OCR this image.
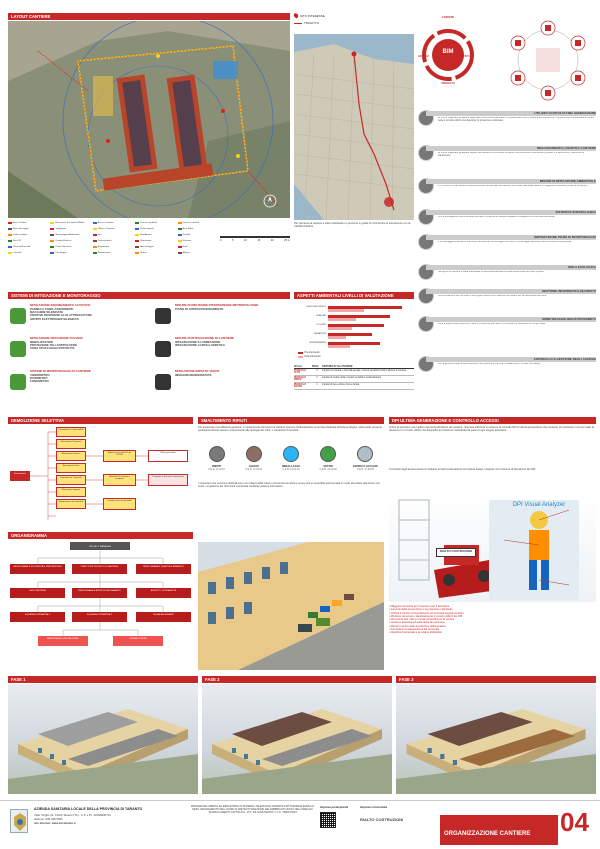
LAYOUT CANTIERE
Area Cantiere	Recinzione di Cantiere Mobile	Accessi cantiere	Percorsi pedonali	Percorsi carrabili
Area stoccaggio	Spogliatoio	Ufficio e Deposito	Servizi Igienici	Area Rifiuti
Isola ecologica	Monitoraggio Ambientale	Gru	Box Attrezzi	Tornello
Box DPI	Quadro Elettrico	Tensostruttura	Telecamere	Estintore
Punto di Raccolta	Pronto Soccorso	Segnaletica	Area lavaggio	Nord
Cancello	Parcheggio	Illuminazione	Sirena	Allarme
0	5	10	15	20	25 m
SITO INTERESSE
TRAGITTO
Per l'accesso al cantiere è stato individuato un percorso in grado di minimizzare le interferenze con la viabilità cittadina.
BIM
CANTIERE
RIFIUTI
PROGETTO
ACCESSI
UTILIZZO DI DPI DI ULTIMA GENERAZIONE
Al fine di migliorare gli aspetti legati alla sicurezza del lavoratore l'impresa utilizzerà un sistema di controllo DPI che permette di monitorare in tempo reale il corretto utilizzo dei dispositivi di protezione individuale.
MIGLIORAMENTO LOGISTICA CANTIERE
Al fine di migliorare gli aspetti logistici del cantiere si è previsto un layout che permette di ottimizzare gli spazi e le lavorazioni, riducendo le interferenze.
MISURE DI MITIGAZIONE AMBIENTALE
In un'ottica di miglioramento della condizione ambientale del cantiere sono stati individuati sistemi di mitigazione acustica, polveri e vibrazioni.
SISTEMI DI SORVEGLIANZA
Per la sorveglianza notturna sarà utilizzato un sistema di videosorveglianza collegato a una centrale operativa.
IMPOSTAZIONE PIANO DI MONITORAGGIO
Il monitoraggio proposto si articola in due attività: monitoraggio continuo e monitoraggio periodico delle componenti ambientali.
ISOLA ECOLOGICA
Nel layout di cantiere è stata individuata un'area dedicata alla raccolta differenziata dei rifiuti prodotti.
GESTIONE INFORMATICA DEI RIFIUTI
La compilazione dei formulari e dei registri avverrà con sistema informatico per la tracciabilità dei rifiuti.
MONITORAGGIO BIM DI PROSSIMITÀ
Oltre a quanto sopra descritto il BIM di prossimità permette di controllare le lavorazioni in tempo reale.
CONTROLLO E GESTIONE DEGLI ACCESSI
Per la gestione degli accessi all'interno del cantiere è prevista l'installazione di tornelli con badge.
SISTEMI DI MITIGAZIONE E MONITORAGGIO
MITIGAZIONE INQUINAMENTO ACUSTICO
PANNELLI FONO-ASSORBENTI
MACCHINE SILENZIATE
POSITIVE RESPONSE ALLE ATTREZZATURE
GRUPPI ELETTROGENI SILENZIATI
MITIGAZIONE DIFFUSIONE POLVERI
NEBULIZZATORI
PROTEZIONE TELI ANTIPOLVERE
ZONA STOCCAGGIO PROTETTA
SISTEMI DI MONITORAGGIO DI CANTIERE
VIBROMETRO
DOSIMETRO
FONOMETRO
MISURE DI RIDUZIONE INTERFERENZE METROPOLITANE
PIANO DI APPROVVIGIONAMENTO
MISURE DI INTEGRAZIONE DI CANTIERE
INTEGRAZIONE ILLUMINAZIONE
INTEGRAZIONE CARTELLONISTICA
MITIGAZIONE IMPATTO VISIVO
IMMAGINI RENDERIZZATE
ASPETTI AMBIENTALI LIVELLI DI VALUTAZIONE
GESTIONE RIFIUTI
RUMORE
POLVERI
VIBRAZIONI
INTERFERENZE
Pre-intervento
Post-intervento
SCALA	PESO	CRITERIO DI VALUTAZIONE
PERICOLO ALTO
3	Impatto con durata e intensità elevata, ricettori sensibili prossimi all'area di cantiere.
PERICOLO MEDIO
2	Impatto di media entità, ricettori sensibili a media distanza.
PERICOLO BASSO
1	Impatto di lieve entità e breve durata.
DEMOLIZIONE SELETTIVA
Demolizione
Demolizione Controsoffitti
Rimozione Pavimenti
Rimozione Intonaci
Rimozione Infissi
Demolizione Tramezzi
Rimozione Impianti
Separazione dei materiali
Rifiuti ai sensi del D.Lgs 152/06
Materiali da avviare a recupero
Frazioni non recuperabili
Rifiuti pericolosi
Trasporto a discarica autorizzata
SMALTIMENTO RIFIUTI
Per assicurare una efficiente gestione, il conoscimento dei layout di cantiere propone l'individuazione di un'area dedicata all'isola ecologica, sulla quale verranno predisposti diversi cassoni, proporzionati alle tipologie dei rifiuti, e contenitori di raccolta.
INERTI
C.E.R. 17.01.07
LEGNO
C.E.R. 17.02.01
IMBALLAGGI
C.E.R. 15.01.06
VETRO
C.E.R. 17.02.02
FERRO E ACCIAIO
C.E.R. 17.04.05
I contenitori che verranno utilizzati sono non infiammabili, hanno una tenuta ermetica e sono posti su superficie pavimentata in modo da evitare dispersioni nel suolo. La gestione dei rifiuti sarà monitorata mediante sistema informatico.
DPI ULTIMA GENERAZIONE E CONTROLLO ACCESSI
Al fine di garantire una migliore sicurezza all'interno del cantiere, l'impresa utilizzerà un sistema di controllo DPI di ultima generazione che consente di monitorare in tempo reale la presenza e il corretto utilizzo dei dispositivi di protezione individuale da parte di ogni singolo lavoratore.
Il controllo degli accessi avverrà mediante tornelli a tutta altezza con lettura badge, integrati con il sistema di rilevazione dei DPI.
DPI Visual Analyzer
RIALTO COSTRUZIONI
• Maggiore sicurezza per l'impresa e per il lavoratore
• Aumento della prevenzione e la protezione individuale
• Verifica il corretto comportamento ed eventuali segnali correttivi
• Monitora nel tempo e statisticamente il corretto utilizzo dei DPI
• Memorizza tutti i dati e li rende disponibili per la verifica
• Gestione avanzata ed automatica dei permessi
• Rileva in tempo reale la posizione dell'operatore
• Aumenta la consapevolezza del personale
• Identifica il personale e le relative abilitazioni
ORGANIGRAMMA
PROJECT MANAGER
RESPONSABILE SICUREZZA E PREVENZIONE	DIRETTORE TECNICO DI CANTIERE	RESPONSABILE QUALITÀ E AMBIENTE
CAPOCANTIERE	RESPONSABILE APPROVVIGIONAMENTI	ADDETTO CONTABILITÀ
SQUADRA OPERATIVA 1	SQUADRA OPERATIVA 2	SQUADRA IMPIANTI
MAESTRANZE SPECIALIZZATE	OPERAI COMUNI
FASE 1	FASE 2	FASE 3
AZIENDA SANITARIA LOCALE DELLA PROVINCIA DI TARANTO
Viale Virgilio 31, 74100 Taranto (TA) - C.F. e P.I. 02026690731
telefono: 099 458 5555
sito internet: www.asl.taranto.it
PROCEDURA APERTA DA ESPLETARSI IN MANIERA TELEMATICA TRAMITE PIATTAFORMA EMPULIA PER L'AFFIDAMENTO DEI LAVORI DI RISTRUTTURAZIONE DEI FABBRICATI UFFICI NELL'AREA EX "BARACCAMENTI CATTOLICA - P.O. SS ANNUNZIATA" C.I.G. 73601870F4
Impresa partecipante	Impresa consorziata
RIALTO COSTRUZIONI
ORGANIZZAZIONE CANTIERE 04
